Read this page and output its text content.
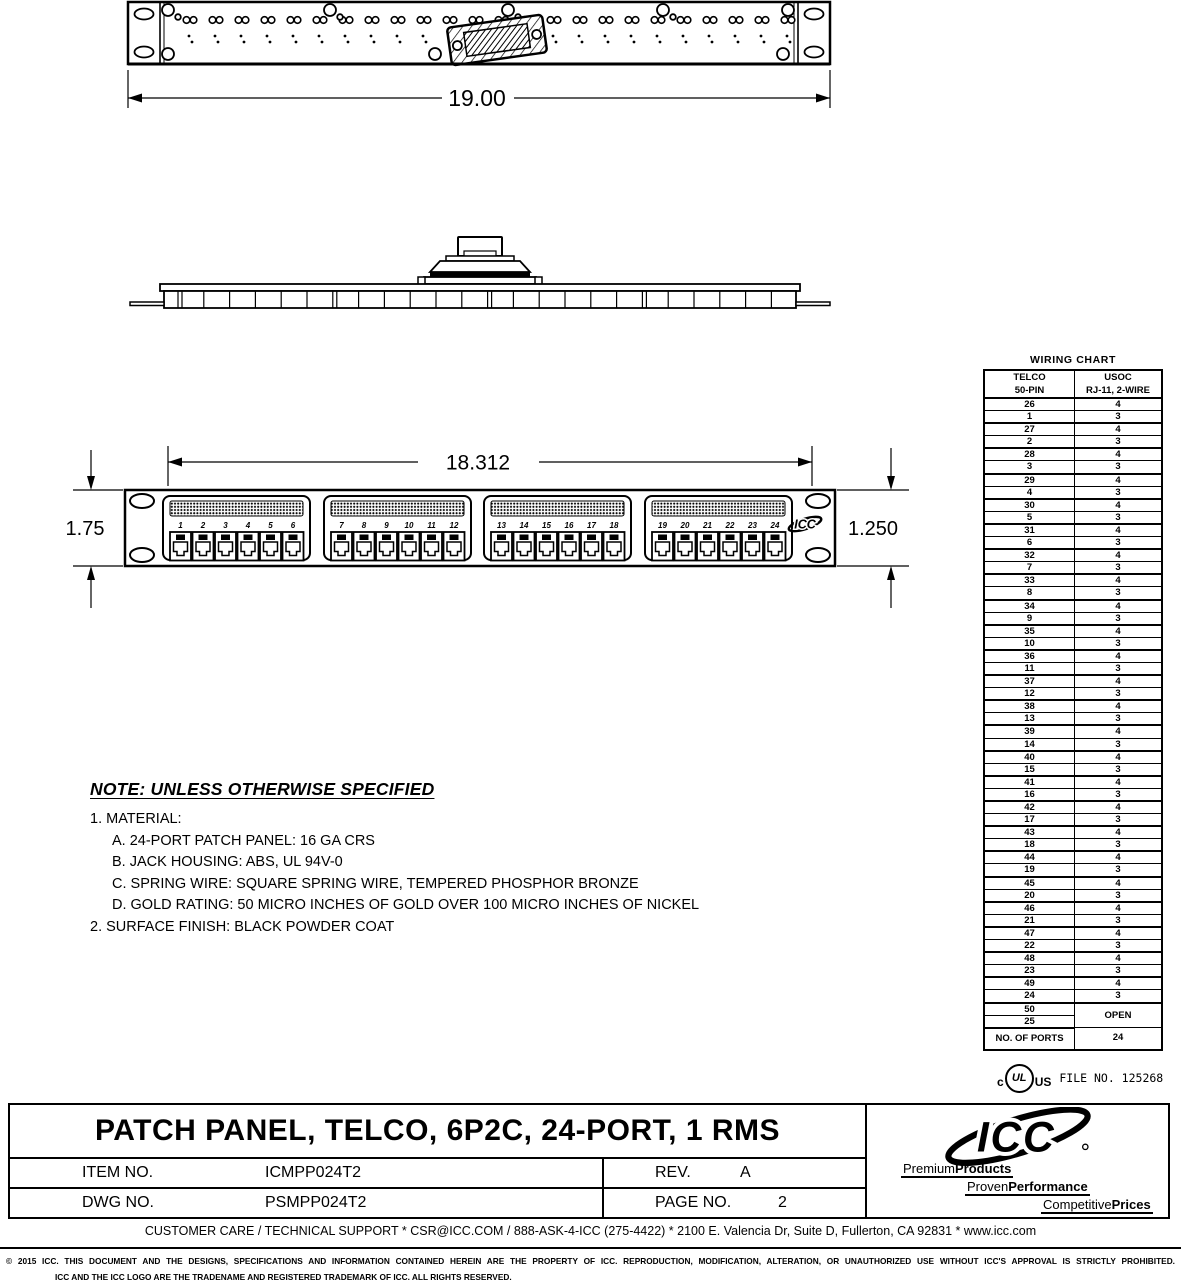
19.00
1 2 3 4 5 6	7 8 9 10 11 12	13 14 15 16 17 18	19 20 21 22 23 24 ICC
18.312
1.75	1.250
NOTE: UNLESS OTHERWISE SPECIFIED
1. MATERIAL:
A. 24-PORT PATCH PANEL: 16 GA CRS
B. JACK HOUSING: ABS, UL 94V-0
C. SPRING WIRE: SQUARE SPRING WIRE, TEMPERED PHOSPHOR BRONZE
D. GOLD RATING: 50 MICRO INCHES OF GOLD OVER 100 MICRO INCHES OF NICKEL
2. SURFACE FINISH: BLACK POWDER COAT
WIRING CHART
TELCO
50-PIN

USOC
RJ-11, 2-WIRE

26	4
1	3
27	4
2	3
28	4
3	3
29	4
4	3
30	4
5	3
31	4
6	3
32	4
7	3
33	4
8	3
34	4
9	3
35	4
10	3
36	4
11	3
37	4
12	3
38	4
13	3
39	4
14	3
40	4
15	3
41	4
16	3
42	4
17	3
43	4
18	3
44	4
19	3
45	4
20	3
46	4
21	3
47	4
22	3
48	4
23	3
49	4
24	3
50	OPEN
25	
NO. OF PORTS	24
c UL US FILE NO. 125268
PATCH PANEL, TELCO, 6P2C, 24-PORT, 1 RMS
ITEM NO.	ICMPP024T2	REV.	A
DWG NO.	PSMPP024T2	PAGE NO.	2
ICC
PremiumProducts
ProvenPerformance
CompetitivePrices
CUSTOMER CARE / TECHNICAL SUPPORT * CSR@ICC.COM / 888-ASK-4-ICC (275-4422) * 2100 E. Valencia Dr, Suite D, Fullerton, CA 92831 * www.icc.com
© 2015 ICC. THIS DOCUMENT AND THE DESIGNS, SPECIFICATIONS AND INFORMATION CONTAINED HEREIN ARE THE PROPERTY OF ICC. REPRODUCTION, MODIFICATION, ALTERATION, OR UNAUTHORIZED USE WITHOUT ICC'S APPROVAL IS STRICTLY PROHIBITED.
ICC AND THE ICC LOGO ARE THE TRADENAME AND REGISTERED TRADEMARK OF ICC. ALL RIGHTS RESERVED.
